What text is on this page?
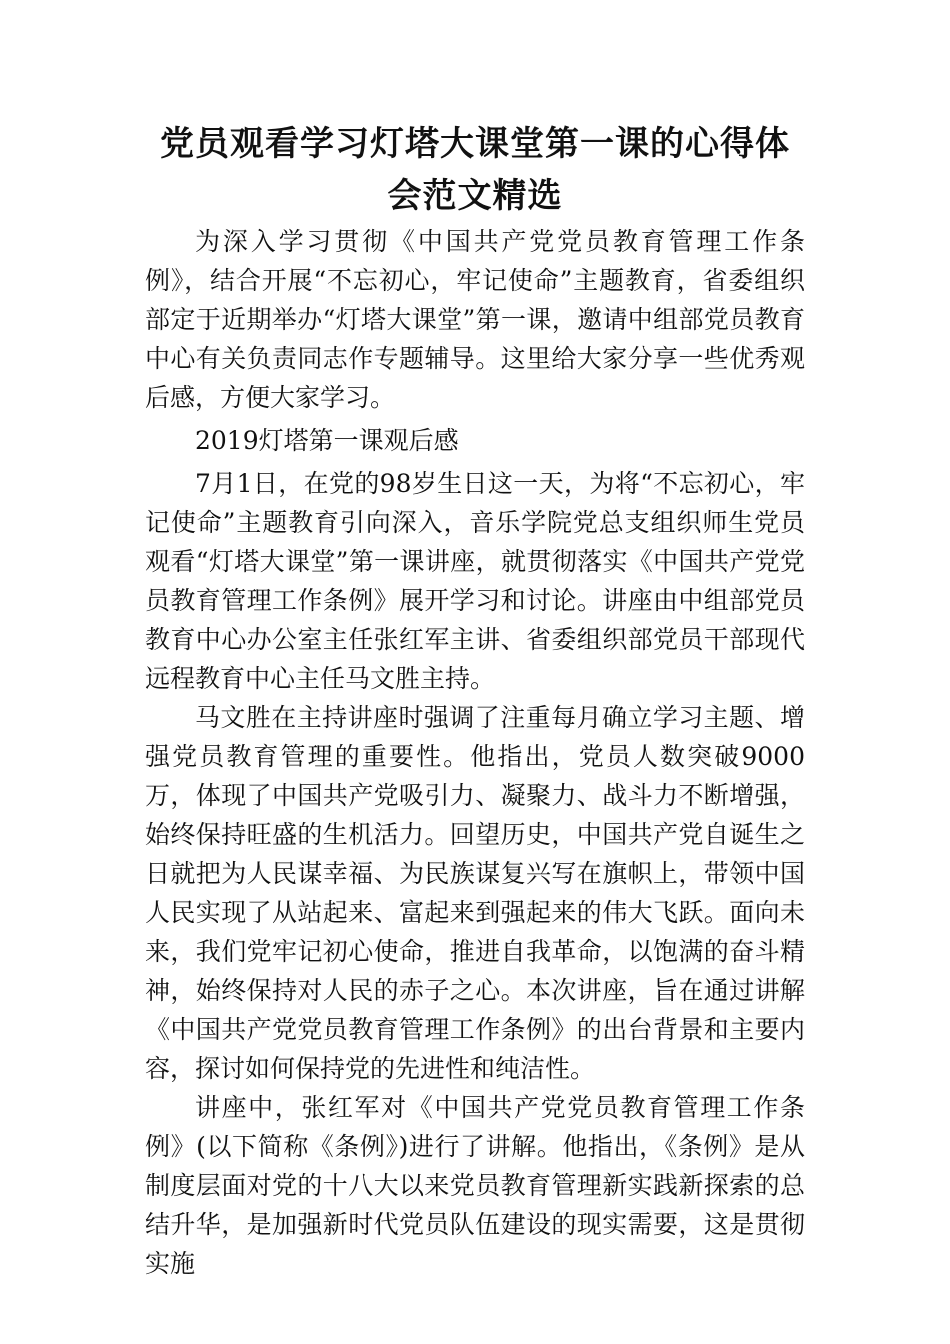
党员观看学习灯塔大课堂第一课的心得体会范文精选

为深入学习贯彻《中国共产党党员教育管理工作条例》，结合开展“不忘初心，牢记使命”主题教育，省委组织部定于近期举办“灯塔大课堂”第一课，邀请中组部党员教育中心有关负责同志作专题辅导。这里给大家分享一些优秀观后感，方便大家学习。

2019灯塔第一课观后感

7月1日，在党的98岁生日这一天，为将“不忘初心，牢记使命”主题教育引向深入，音乐学院党总支组织师生党员观看“灯塔大课堂”第一课讲座，就贯彻落实《中国共产党党员教育管理工作条例》展开学习和讨论。讲座由中组部党员教育中心办公室主任张红军主讲、省委组织部党员干部现代远程教育中心主任马文胜主持。

马文胜在主持讲座时强调了注重每月确立学习主题、增强党员教育管理的重要性。他指出，党员人数突破9000万，体现了中国共产党吸引力、凝聚力、战斗力不断增强，始终保持旺盛的生机活力。回望历史，中国共产党自诞生之日就把为人民谋幸福、为民族谋复兴写在旗帜上，带领中国人民实现了从站起来、富起来到强起来的伟大飞跃。面向未来，我们党牢记初心使命，推进自我革命，以饱满的奋斗精神，始终保持对人民的赤子之心。本次讲座，旨在通过讲解《中国共产党党员教育管理工作条例》的出台背景和主要内容，探讨如何保持党的先进性和纯洁性。

讲座中，张红军对《中国共产党党员教育管理工作条例》(以下简称《条例》)进行了讲解。他指出，《条例》是从制度层面对党的十八大以来党员教育管理新实践新探索的总结升华，是加强新时代党员队伍建设的现实需要，这是贯彻实施
